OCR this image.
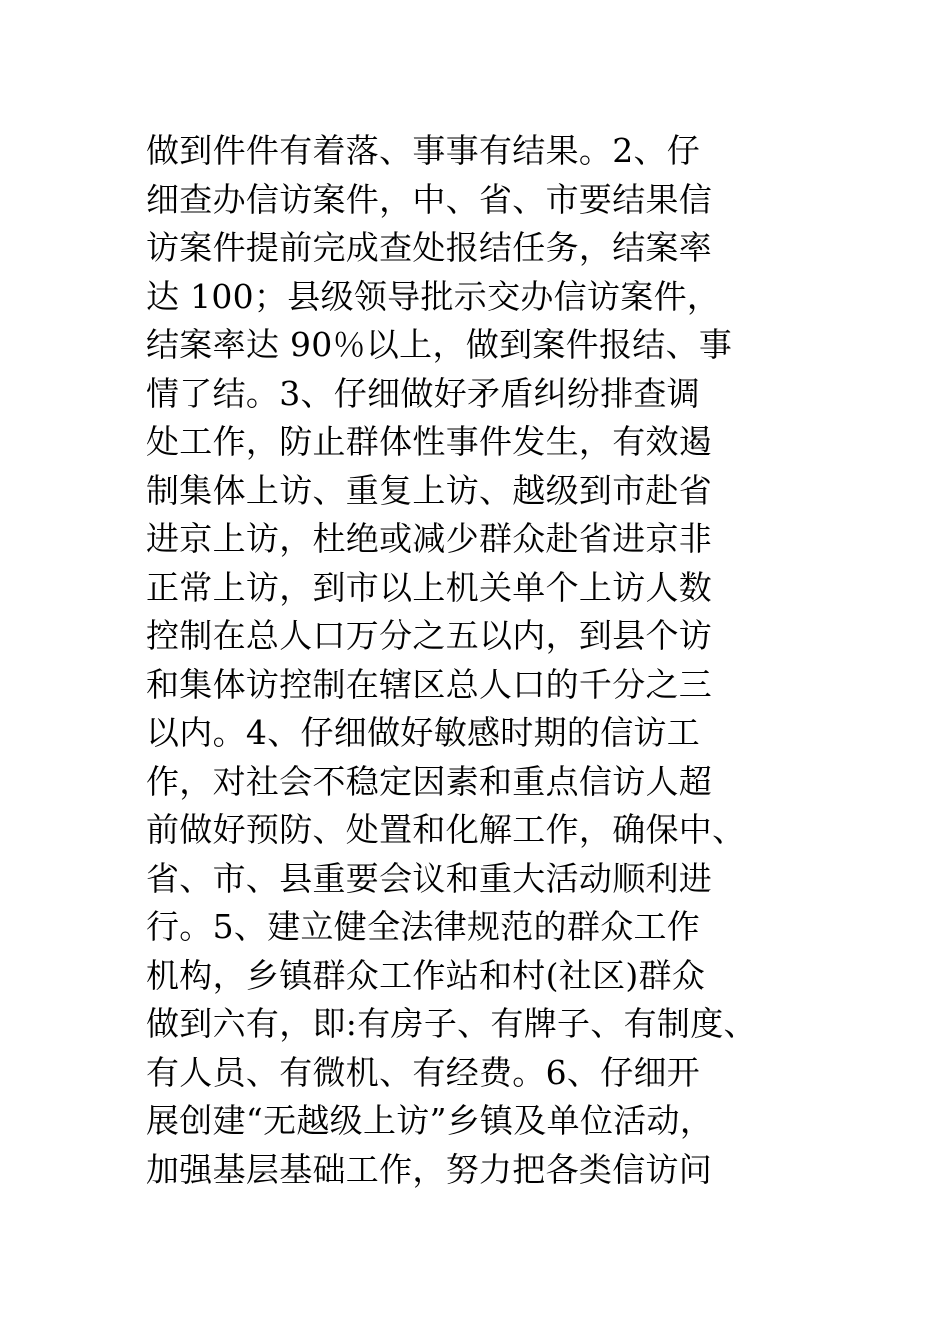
做到件件有着落、事事有结果。2、仔
细查办信访案件，中、省、市要结果信
访案件提前完成查处报结任务，结案率
达 100；县级领导批示交办信访案件，
结案率达 90％以上，做到案件报结、事
情了结。3、仔细做好矛盾纠纷排查调
处工作，防止群体性事件发生，有效遏
制集体上访、重复上访、越级到市赴省
进京上访，杜绝或减少群众赴省进京非
正常上访，到市以上机关单个上访人数
控制在总人口万分之五以内，到县个访
和集体访控制在辖区总人口的千分之三
以内。4、仔细做好敏感时期的信访工
作，对社会不稳定因素和重点信访人超
前做好预防、处置和化解工作，确保中、
省、市、县重要会议和重大活动顺利进
行。5、建立健全法律规范的群众工作
机构，乡镇群众工作站和村(社区)群众
做到六有，即:有房子、有牌子、有制度、
有人员、有微机、有经费。6、仔细开
展创建“无越级上访”乡镇及单位活动，
加强基层基础工作，努力把各类信访问
